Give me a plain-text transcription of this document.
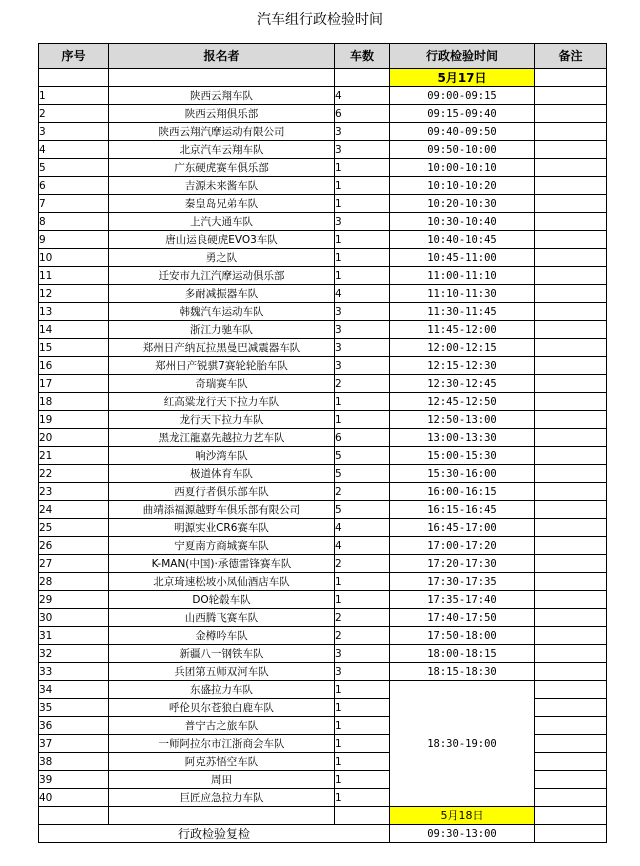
汽车组行政检验时间
序号	报名者	车数	行政检验时间	备注
			5月17日	
1	陕西云翔车队	4	09:00-09:15	
2	陕西云翔俱乐部	6	09:15-09:40	
3	陕西云翔汽摩运动有限公司	3	09:40-09:50	
4	北京汽车云翔车队	3	09:50-10:00	
5	广东硬虎赛车俱乐部	1	10:00-10:10	
6	吉源未来酱车队	1	10:10-10:20	
7	秦皇岛兄弟车队	1	10:20-10:30	
8	上汽大通车队	3	10:30-10:40	
9	唐山运良硬虎EVO3车队	1	10:40-10:45	
10	勇之队	1	10:45-11:00	
11	迁安市九江汽摩运动俱乐部	1	11:00-11:10	
12	多耐减振器车队	4	11:10-11:30	
13	韩魏汽车运动车队	3	11:30-11:45	
14	浙江力驰车队	3	11:45-12:00	
15	郑州日产纳瓦拉黑曼巴减震器车队	3	12:00-12:15	
16	郑州日产锐骐7赛轮轮胎车队	3	12:15-12:30	
17	奇瑞赛车队	2	12:30-12:45	
18	红高粱龙行天下拉力车队	1	12:45-12:50	
19	龙行天下拉力车队	1	12:50-13:00	
20	黑龙江龍嘉先越拉力艺车队	6	13:00-13:30	
21	响沙湾车队	5	15:00-15:30	
22	极道体育车队	5	15:30-16:00	
23	西夏行者俱乐部车队	2	16:00-16:15	
24	曲靖添福源越野车俱乐部有限公司	5	16:15-16:45	
25	明源实业CR6赛车队	4	16:45-17:00	
26	宁夏南方商城赛车队	4	17:00-17:20	
27	K-MAN(中国)·承德雷锋赛车队	2	17:20-17:30	
28	北京琦速松坡小凤仙酒店车队	1	17:30-17:35	
29	DO轮毂车队	1	17:35-17:40	
30	山西腾飞赛车队	2	17:40-17:50	
31	金樽吟车队	2	17:50-18:00	
32	新疆八一钢铁车队	3	18:00-18:15	
33	兵团第五师双河车队	3	18:15-18:30	
34	东盛拉力车队	1	18:30-19:00	
35	呼伦贝尔苍狼白鹿车队	1		
36	普宁古之旅车队	1		
37	一师阿拉尔市江浙商会车队	1		
38	阿克苏悟空车队	1		
39	周田	1		
40	巨匠应急拉力车队	1		
			5月18日	
行政检验复检			09:30-13:00	
